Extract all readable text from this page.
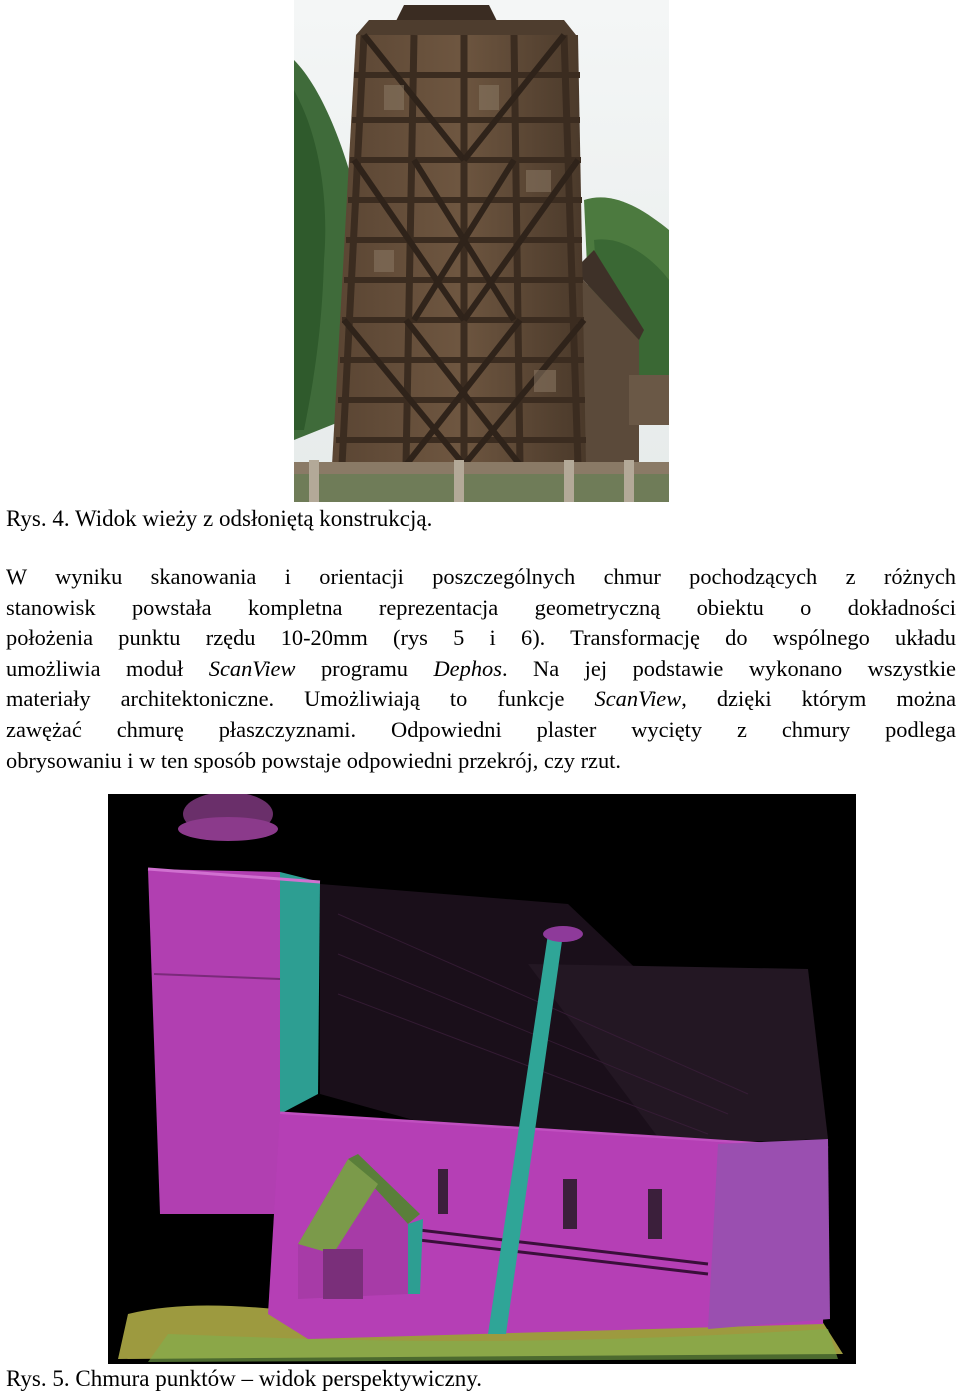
Rys. 4. Widok wieży z odsłoniętą konstrukcją.
W wyniku skanowania i orientacji poszczególnych chmur pochodzących z różnych
stanowisk powstała kompletna reprezentacja geometryczną obiektu o dokładności
położenia punktu rzędu 10-20mm (rys 5 i 6). Transformację do wspólnego układu
umożliwia moduł ScanView programu Dephos. Na jej podstawie wykonano wszystkie
materiały architektoniczne. Umożliwiają to funkcje ScanView, dzięki którym można
zawężać chmurę płaszczyznami. Odpowiedni plaster wycięty z chmury podlega
obrysowaniu i w ten sposób powstaje odpowiedni przekrój, czy rzut.
Rys. 5. Chmura punktów – widok perspektywiczny.
